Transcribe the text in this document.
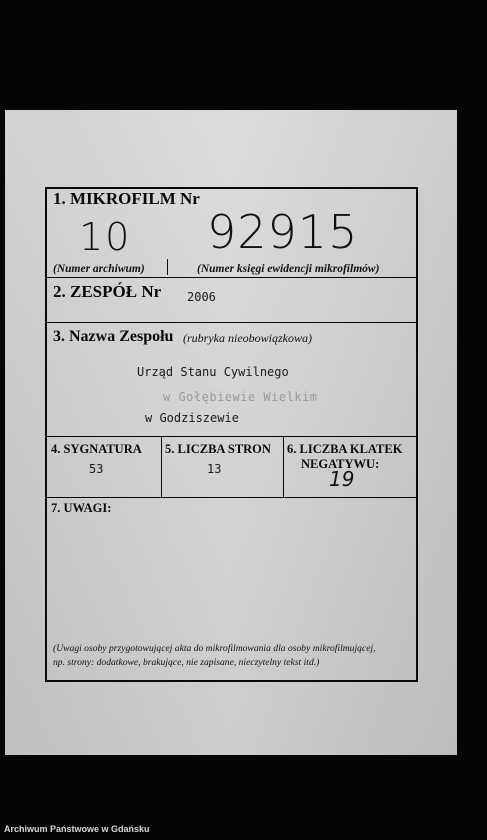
1. MIKROFILM Nr
10 92915
(Numer archiwum)	(Numer księgi ewidencji mikrofilmów)
2. ZESPÓŁ Nr 2006
3. Nazwa Zespołu (rubryka nieobowiązkowa)
Urząd Stanu Cywilnego
w Gołębiewie Wielkim
w Godziszewie
4. SYGNATURA
53
5. LICZBA STRON
13
6. LICZBA KLATEK
NEGATYWU:
19
7. UWAGI:
(Uwagi osoby przygotowującej akta do mikrofilmowania dla osoby mikrofilmującej,
np. strony: dodatkowe, brakujące, nie zapisane, nieczytelny tekst itd.)
Archiwum Państwowe w Gdańsku
